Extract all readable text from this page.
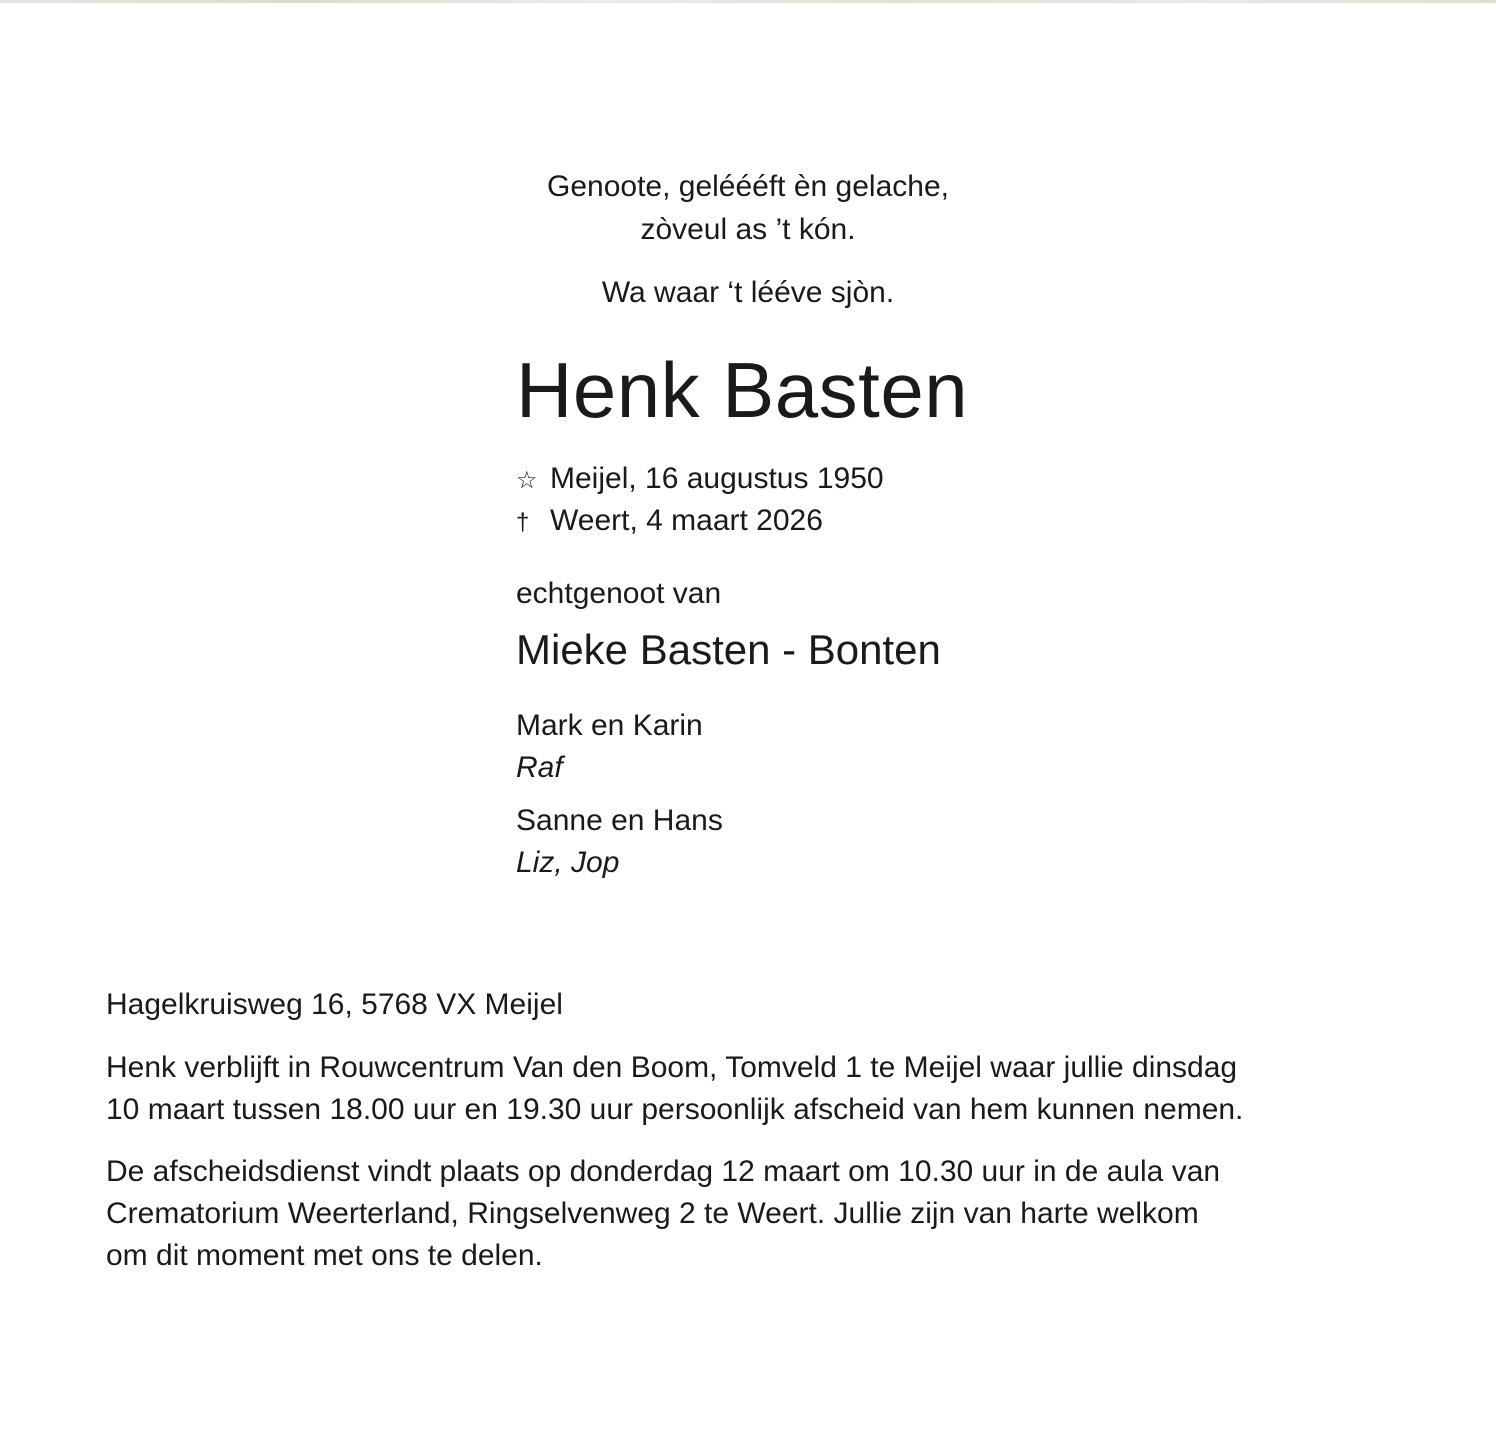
Genoote, geléééft èn gelache,
zòveul as ’t kón.
Wa waar ‘t lééve sjòn.
Henk Basten
☆ Meijel, 16 augustus 1950
† Weert, 4 maart 2026
echtgenoot van
Mieke Basten - Bonten
Mark en Karin
Raf
Sanne en Hans
Liz, Jop
Hagelkruisweg 16, 5768 VX Meijel
Henk verblijft in Rouwcentrum Van den Boom, Tomveld 1 te Meijel waar jullie dinsdag
10 maart tussen 18.00 uur en 19.30 uur persoonlijk afscheid van hem kunnen nemen.
De afscheidsdienst vindt plaats op donderdag 12 maart om 10.30 uur in de aula van
Crematorium Weerterland, Ringselvenweg 2 te Weert. Jullie zijn van harte welkom
om dit moment met ons te delen.
